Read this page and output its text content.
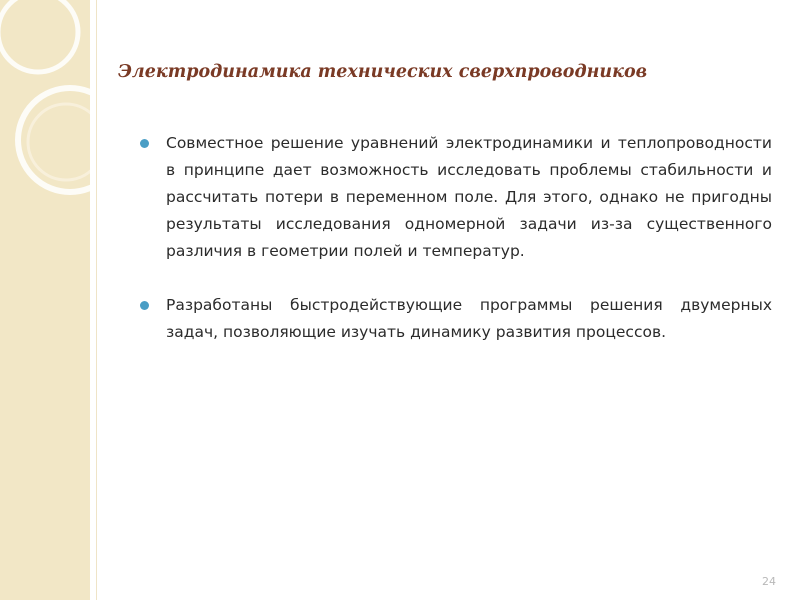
Электродинамика технических сверхпроводников
Совместное решение уравнений электродинамики и теплопроводности в принципе дает возможность исследовать проблемы стабильности и рассчитать потери в переменном поле. Для этого, однако не пригодны результаты исследования одномерной задачи из-за существенного различия в геометрии полей и температур.
Разработаны быстродействующие программы решения двумерных задач, позволяющие изучать динамику развития процессов.
24
